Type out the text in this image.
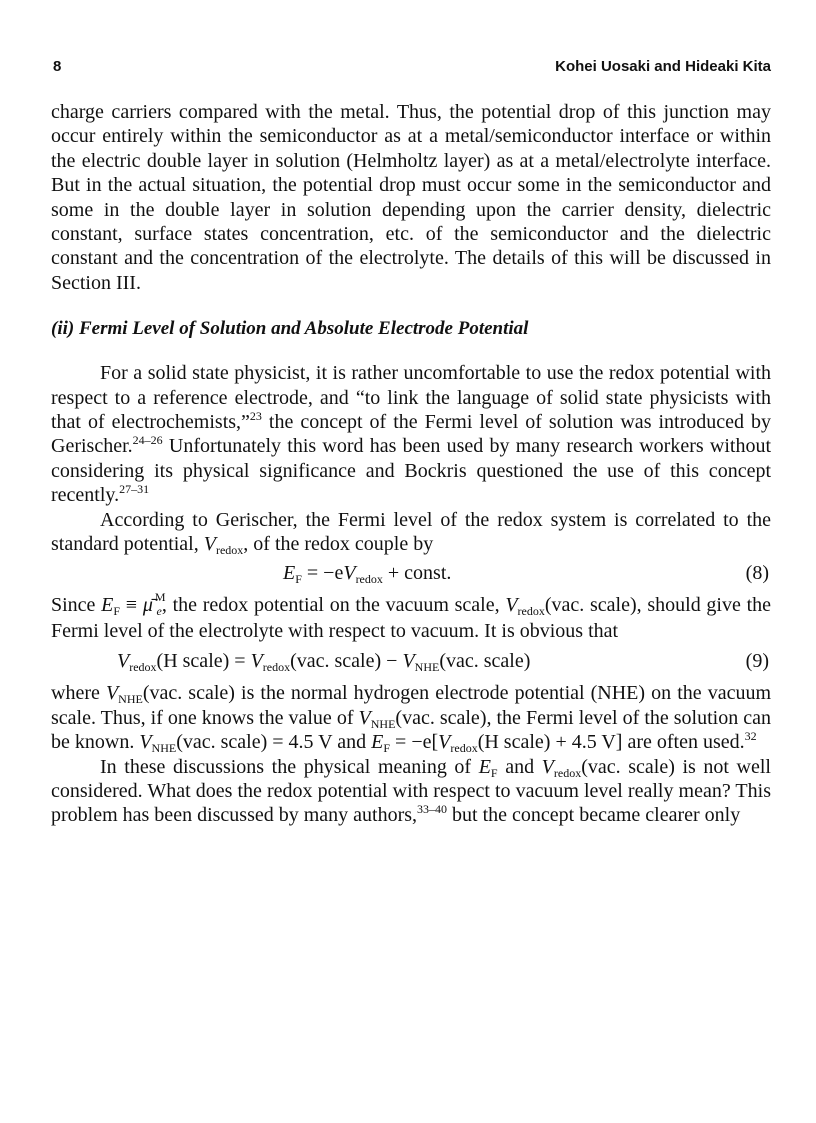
8	Kohei Uosaki and Hideaki Kita

charge carriers compared with the metal. Thus, the potential drop of this junction may occur entirely within the semiconductor as at a metal/semiconductor interface or within the electric double layer in solution (Helmholtz layer) as at a metal/electrolyte interface. But in the actual situation, the potential drop must occur some in the semiconductor and some in the double layer in solution depending upon the carrier density, dielectric constant, surface states concentration, etc. of the semiconductor and the dielectric constant and the concentration of the electrolyte. The details of this will be discussed in Section III.

(ii) Fermi Level of Solution and Absolute Electrode Potential

For a solid state physicist, it is rather uncomfortable to use the redox potential with respect to a reference electrode, and “to link the language of solid state physicists with that of electrochemists,”$^{23}$ the concept of the Fermi level of solution was introduced by Gerischer.$^{24-26}$ Unfortunately this word has been used by many research workers without considering its physical significance and Bockris questioned the use of this concept recently.$^{27-31}$

According to Gerischer, the Fermi level of the redox system is correlated to the standard potential, $V_{redox}$, of the redox couple by

$E_F = -eV_{redox}$ + const.	(8)

Since $E_F$ ≡ μ̄ $^M_e$, the redox potential on the vacuum scale, $V_{redox}(vac$. scale), should give the Fermi level of the electrolyte with respect to vacuum. It is obvious that

$V_{redox}(H$ scale) = $V_{redox}(vac$. scale) − $V_{NHE}(vac$. scale)	(9)

where $V_{NHE}(vac$. scale) is the normal hydrogen electrode potential (NHE) on the vacuum scale. Thus, if one knows the value of $V_{NHE}(vac$. scale), the Fermi level of the solution can be known. $V_{NHE}(vac$. scale) = 4.5 V and $E_F = -e[V_{redox}(H$ scale) + 4.5 V] are often used.$^{32}$

In these discussions the physical meaning of $E_F$ and $V_{redox}(vac$. scale) is not well considered. What does the redox potential with respect to vacuum level really mean? This problem has been discussed by many authors,$^{33-40}$ but the concept became clearer only
